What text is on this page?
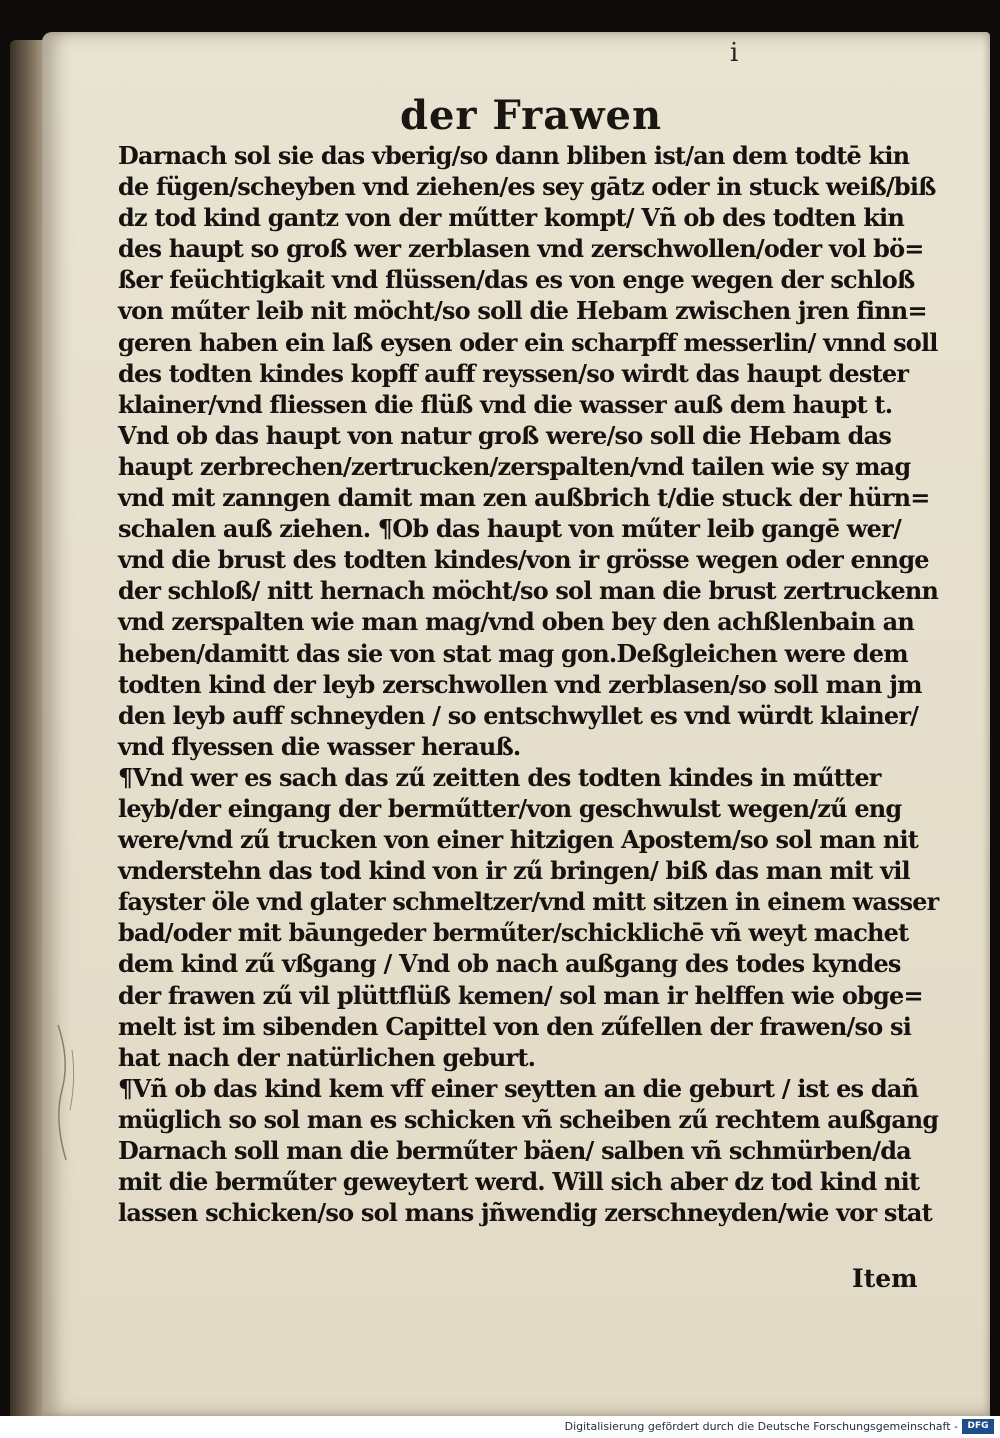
i
der Frawen
Darnach sol sie das vberig/so dann bliben ist/an dem todtē kin
de fügen/scheyben vnd ziehen/es sey gātz oder in stuck weiß/biß
dz tod kind gantz von der műtter kompt/ Vñ ob des todten kin
des haupt so groß wer zerblasen vnd zerschwollen/oder vol bö=
ßer feüchtigkait vnd flüssen/das es von enge wegen der schloß
von műter leib nit möcht/so soll die Hebam zwischen jren finn=
geren haben ein laß eysen oder ein scharpff messerlin/ vnnd soll
des todten kindes kopff auff reyssen/so wirdt das haupt dester
klainer/vnd fliessen die flüß vnd die wasser auß dem haupt t.
Vnd ob das haupt von natur groß were/so soll die Hebam das
haupt zerbrechen/zertrucken/zerspalten/vnd tailen wie sy mag
vnd mit zanngen damit man zen außbrich t/die stuck der hürn=
schalen auß ziehen. ¶Ob das haupt von műter leib gangē wer/
vnd die brust des todten kindes/von ir grösse wegen oder ennge
der schloß/ nitt hernach möcht/so sol man die brust zertruckenn
vnd zerspalten wie man mag/vnd oben bey den achßlenbain an
heben/damitt das sie von stat mag gon.Deßgleichen were dem
todten kind der leyb zerschwollen vnd zerblasen/so soll man jm
den leyb auff schneyden / so entschwyllet es vnd würdt klainer/
vnd flyessen die wasser herauß.
¶Vnd wer es sach das zű zeitten des todten kindes in műtter
leyb/der eingang der berműtter/von geschwulst wegen/zű eng
were/vnd zű trucken von einer hitzigen Apostem/so sol man nit
vnderstehn das tod kind von ir zű bringen/ biß das man mit vil
fayster öle vnd glater schmeltzer/vnd mitt sitzen in einem wasser
bad/oder mit bāungeder berműter/schicklichē vñ weyt machet
dem kind zű vßgang / Vnd ob nach außgang des todes kyndes
der frawen zű vil plüttflüß kemen/ sol man ir helffen wie obge=
melt ist im sibenden Capittel von den zűfellen der frawen/so si
hat nach der natürlichen geburt.
¶Vñ ob das kind kem vff einer seytten an die geburt / ist es dañ
müglich so sol man es schicken vñ scheiben zű rechtem außgang
Darnach soll man die berműter bäen/ salben vñ schmürben/da
mit die berműter geweytert werd. Will sich aber dz tod kind nit
lassen schicken/so sol mans jñwendig zerschneyden/wie vor stat
Item
Digitalisierung gefördert durch die Deutsche Forschungsgemeinschaft -	DFG
